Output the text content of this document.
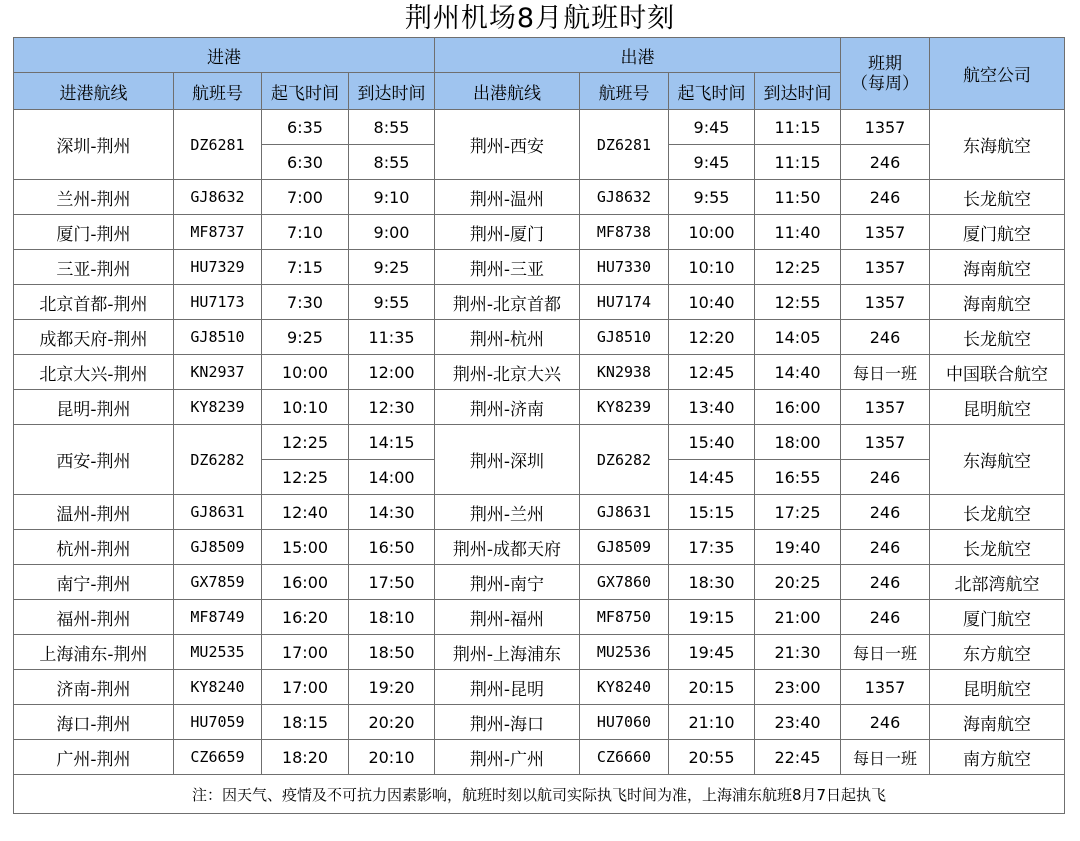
荆州机场8月航班时刻
进港				出港				班期
（每周）	航空公司
进港航线	航班号	起飞时间	到达时间	出港航线	航班号	起飞时间	到达时间		
深圳-荆州	DZ6281	6:35	8:55	荆州-西安	DZ6281	9:45	11:15	1357	东海航空
		6:30	8:55			9:45	11:15	246	
兰州-荆州	GJ8632	7:00	9:10	荆州-温州	GJ8632	9:55	11:50	246	长龙航空
厦门-荆州	MF8737	7:10	9:00	荆州-厦门	MF8738	10:00	11:40	1357	厦门航空
三亚-荆州	HU7329	7:15	9:25	荆州-三亚	HU7330	10:10	12:25	1357	海南航空
北京首都-荆州	HU7173	7:30	9:55	荆州-北京首都	HU7174	10:40	12:55	1357	海南航空
成都天府-荆州	GJ8510	9:25	11:35	荆州-杭州	GJ8510	12:20	14:05	246	长龙航空
北京大兴-荆州	KN2937	10:00	12:00	荆州-北京大兴	KN2938	12:45	14:40	每日一班	中国联合航空
昆明-荆州	KY8239	10:10	12:30	荆州-济南	KY8239	13:40	16:00	1357	昆明航空
西安-荆州	DZ6282	12:25	14:15	荆州-深圳	DZ6282	15:40	18:00	1357	东海航空
		12:25	14:00			14:45	16:55	246	
温州-荆州	GJ8631	12:40	14:30	荆州-兰州	GJ8631	15:15	17:25	246	长龙航空
杭州-荆州	GJ8509	15:00	16:50	荆州-成都天府	GJ8509	17:35	19:40	246	长龙航空
南宁-荆州	GX7859	16:00	17:50	荆州-南宁	GX7860	18:30	20:25	246	北部湾航空
福州-荆州	MF8749	16:20	18:10	荆州-福州	MF8750	19:15	21:00	246	厦门航空
上海浦东-荆州	MU2535	17:00	18:50	荆州-上海浦东	MU2536	19:45	21:30	每日一班	东方航空
济南-荆州	KY8240	17:00	19:20	荆州-昆明	KY8240	20:15	23:00	1357	昆明航空
海口-荆州	HU7059	18:15	20:20	荆州-海口	HU7060	21:10	23:40	246	海南航空
广州-荆州	CZ6659	18:20	20:10	荆州-广州	CZ6660	20:55	22:45	每日一班	南方航空
注：因天气、疫情及不可抗力因素影响，航班时刻以航司实际执飞时间为准，上海浦东航班8月7日起执飞									
